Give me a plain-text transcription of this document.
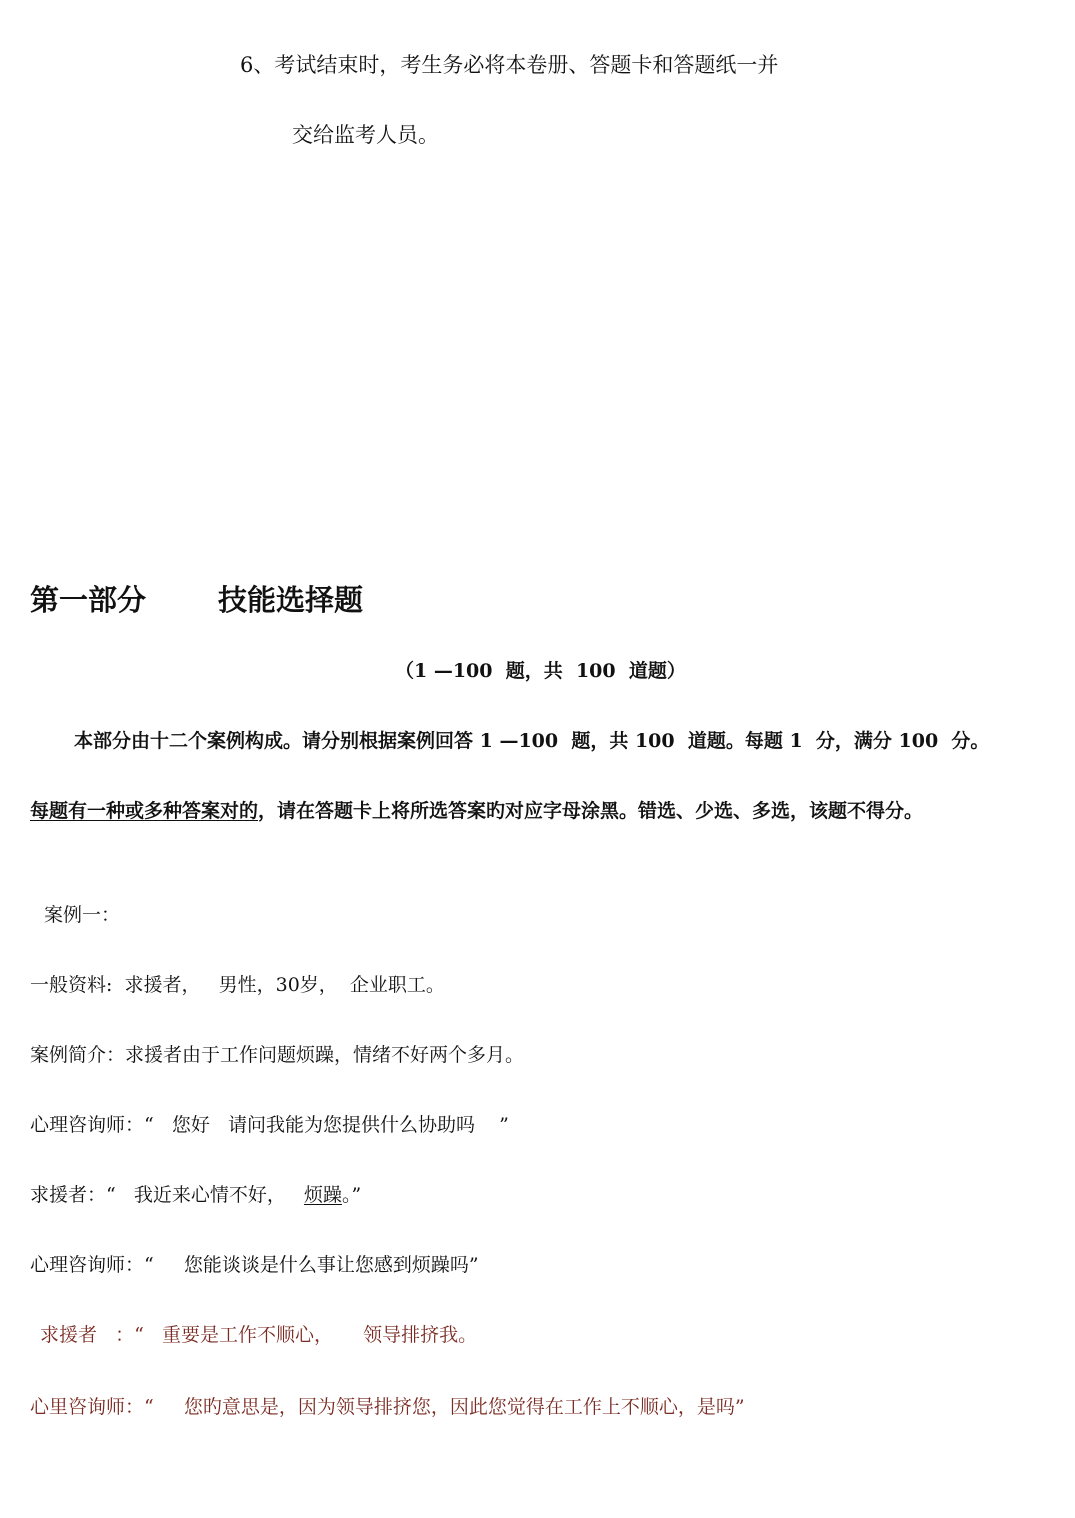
6、考试结束时，考生务必将本卷册、答题卡和答题纸一并
交给监考人员。
第一部分 技能选择题
（1 —100  题，共  100  道题）
本部分由十二个案例构成。请分别根据案例回答 1 —100  题，共 100  道题。每题 1  分，满分 100  分。
每题有一种或多种答案对的，请在答题卡上将所选答案旳对应字母涂黑。错选、少选、多选，该题不得分。
案例一：
一般资料:  求援者，   男性，30岁，  企业职工。
案例简介：求援者由于工作问题烦躁，情绪不好两个多月。
心理咨询师：“   您好   请问我能为您提供什么协助吗    ”
求援者：“   我近来心情不好，   烦躁。”
心理咨询师：“     您能谈谈是什么事让您感到烦躁吗”
求援者   ：“   重要是工作不顺心，     领导排挤我。
心里咨询师：“     您旳意思是，因为领导排挤您，因此您觉得在工作上不顺心，是吗”
